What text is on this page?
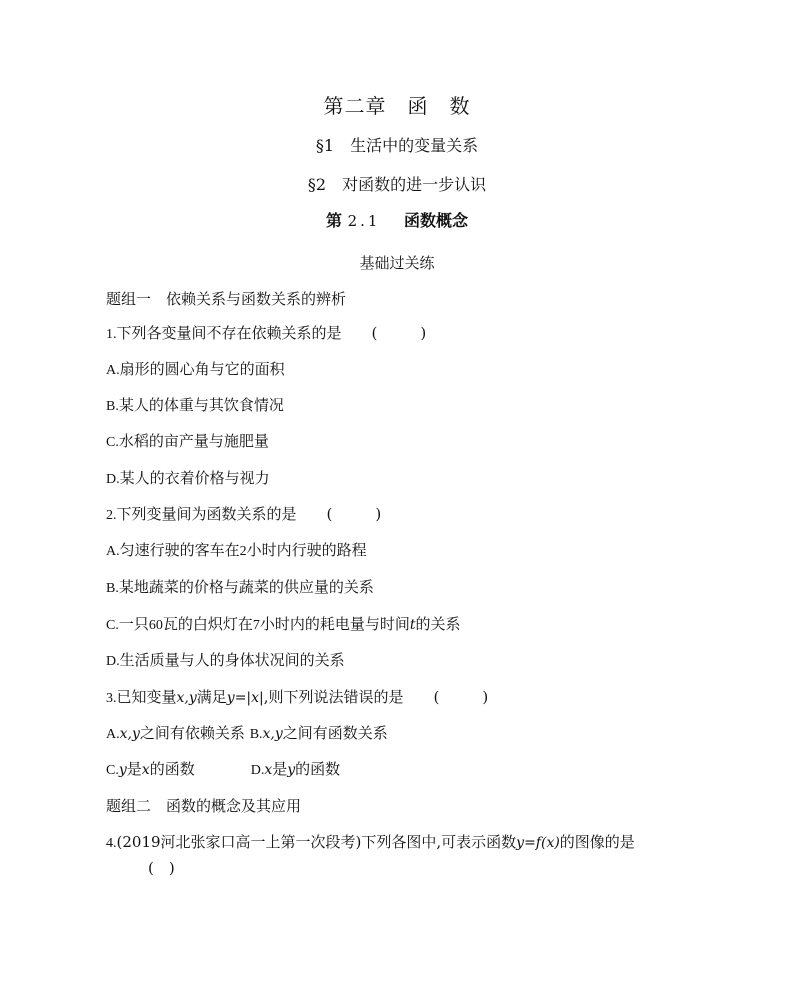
第二章　函　数
§1　生活中的变量关系
§2　对函数的进一步认识
第 2.1 函数概念
基础过关练
题组一　依赖关系与函数关系的辨析
1.下列各变量间不存在依赖关系的是 (　)
A.扇形的圆心角与它的面积
B.某人的体重与其饮食情况
C.水稻的亩产量与施肥量
D.某人的衣着价格与视力
2.下列变量间为函数关系的是 (　)
A.匀速行驶的客车在2小时内行驶的路程
B.某地蔬菜的价格与蔬菜的供应量的关系
C.一只60瓦的白炽灯在7小时内的耗电量与时间t的关系
D.生活质量与人的身体状况间的关系
3.已知变量x,y满足y=|x|,则下列说法错误的是 (　)
A.x,y之间有依赖关系 B.x,y之间有函数关系
C.y是x的函数	D.x是y的函数
题组二　函数的概念及其应用
4.(2019河北张家口高一上第一次段考)下列各图中,可表示函数y=f(x)的图像的是
(　)
